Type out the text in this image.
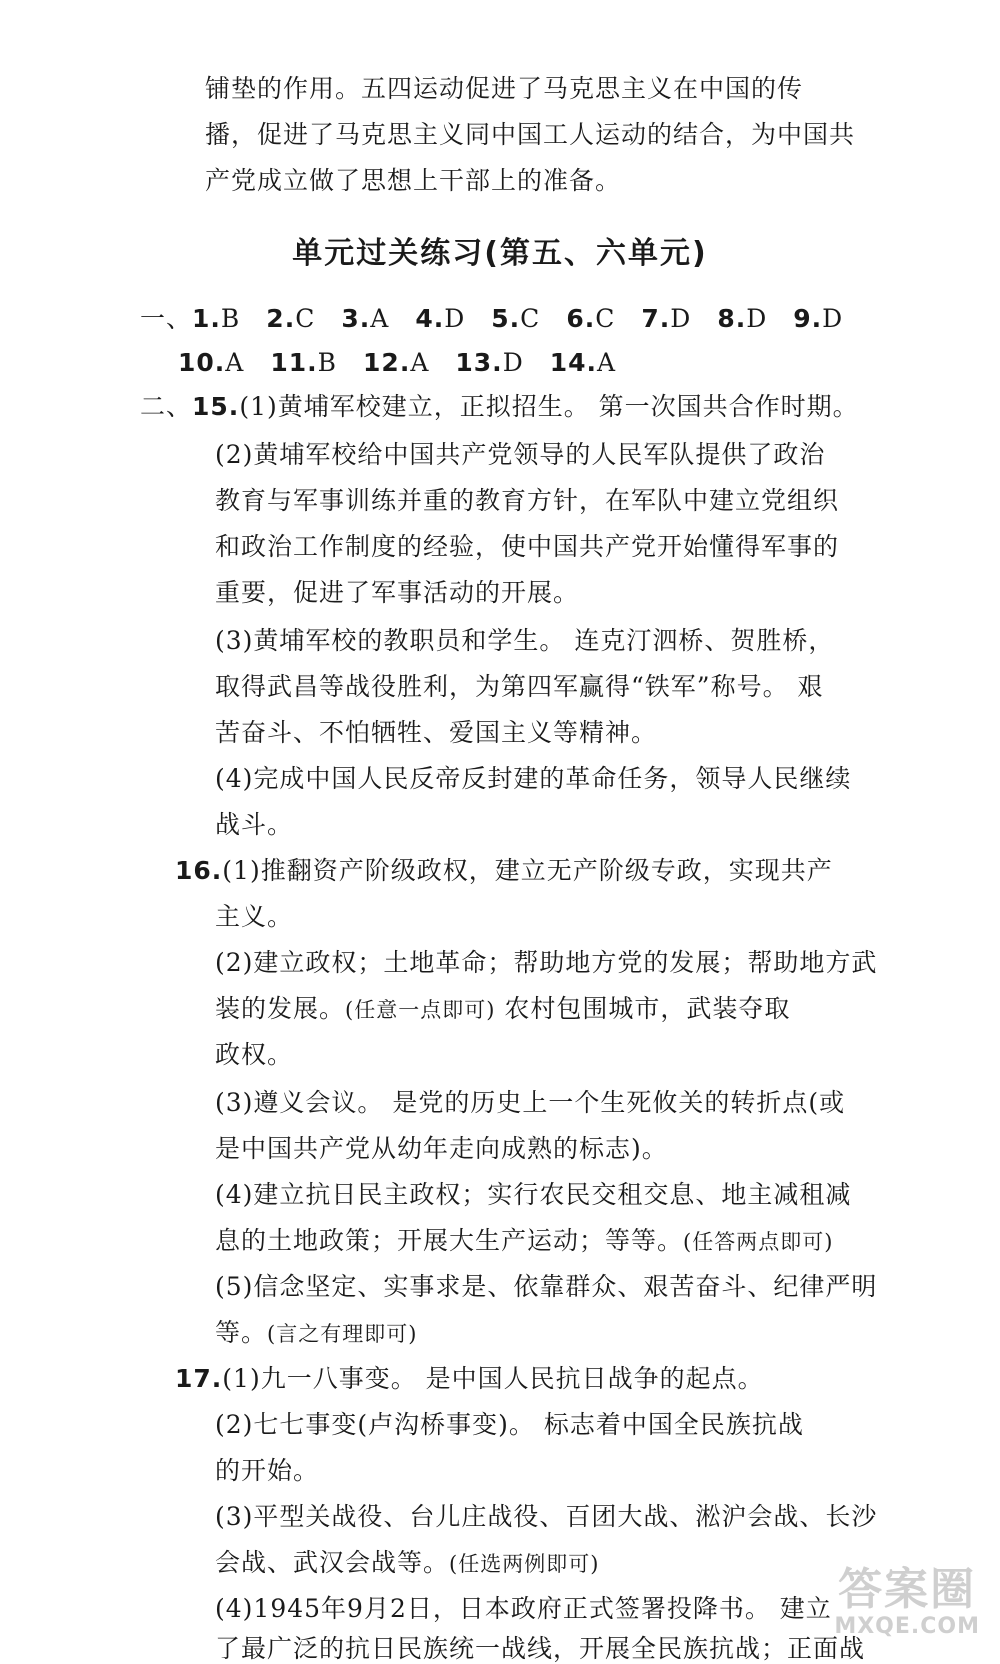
铺垫的作用。五四运动促进了马克思主义在中国的传
播，促进了马克思主义同中国工人运动的结合，为中国共
产党成立做了思想上干部上的准备。
单元过关练习(第五、六单元)
一、1.B 2.C 3.A 4.D 5.C 6.C 7.D 8.D 9.D
10.A 11.B 12.A 13.D 14.A
二、15.(1)黄埔军校建立，正拟招生。 第一次国共合作时期。
(2)黄埔军校给中国共产党领导的人民军队提供了政治
教育与军事训练并重的教育方针，在军队中建立党组织
和政治工作制度的经验，使中国共产党开始懂得军事的
重要，促进了军事活动的开展。
(3)黄埔军校的教职员和学生。 连克汀泗桥、贺胜桥，
取得武昌等战役胜利，为第四军赢得“铁军”称号。 艰
苦奋斗、不怕牺牲、爱国主义等精神。
(4)完成中国人民反帝反封建的革命任务，领导人民继续
战斗。
16.(1)推翻资产阶级政权，建立无产阶级专政，实现共产
主义。
(2)建立政权；土地革命；帮助地方党的发展；帮助地方武
装的发展。(任意一点即可) 农村包围城市，武装夺取
政权。
(3)遵义会议。 是党的历史上一个生死攸关的转折点(或
是中国共产党从幼年走向成熟的标志)。
(4)建立抗日民主政权；实行农民交租交息、地主减租减
息的土地政策；开展大生产运动；等等。(任答两点即可)
(5)信念坚定、实事求是、依靠群众、艰苦奋斗、纪律严明
等。(言之有理即可)
17.(1)九一八事变。 是中国人民抗日战争的起点。
(2)七七事变(卢沟桥事变)。 标志着中国全民族抗战
的开始。
(3)平型关战役、台儿庄战役、百团大战、淞沪会战、长沙
会战、武汉会战等。(任选两例即可)
(4)1945年9月2日，日本政府正式签署投降书。 建立
了最广泛的抗日民族统一战线，开展全民族抗战；正面战
答案圈
MXQE.COM
